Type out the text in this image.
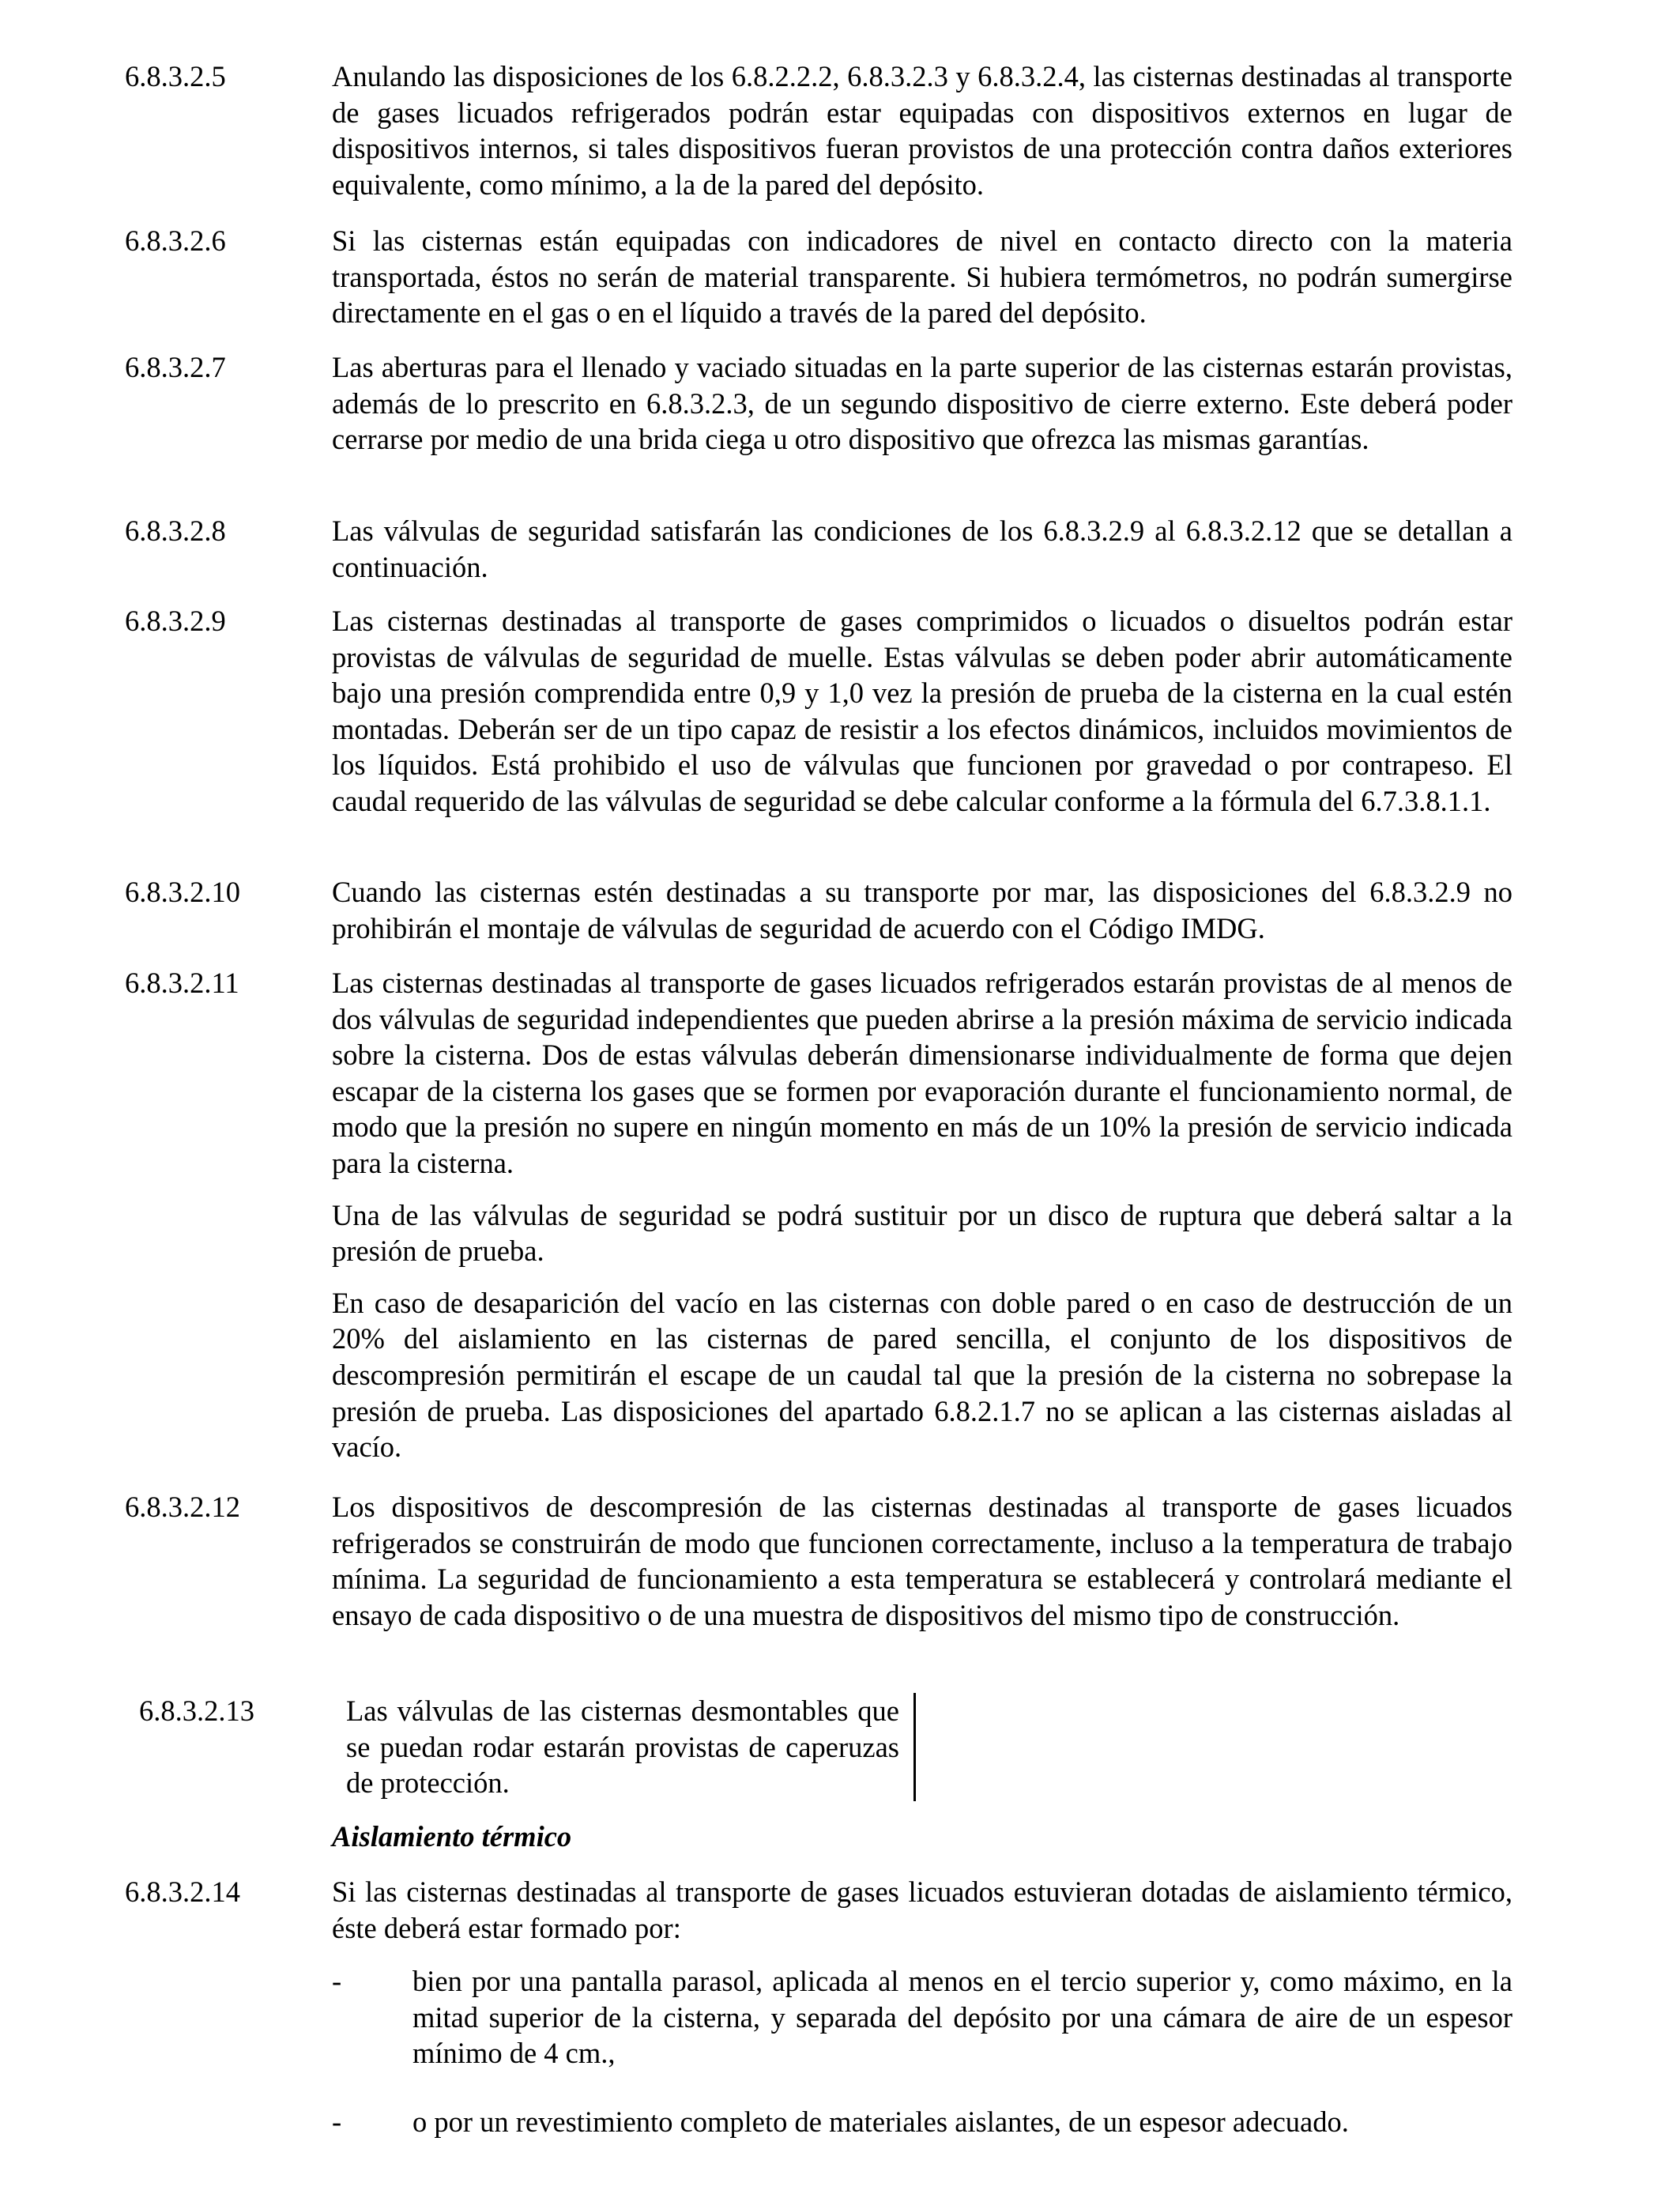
6.8.3.2.5	Anulando las disposiciones de los 6.8.2.2.2, 6.8.3.2.3 y 6.8.3.2.4, las cisternas destinadas al transporte de gases licuados refrigerados podrán estar equipadas con dispositivos externos en lugar de dispositivos internos, si tales dispositivos fueran provistos de una protección contra daños exteriores equivalente, como mínimo, a la de la pared del depósito.
6.8.3.2.6	Si las cisternas están equipadas con indicadores de nivel en contacto directo con la materia transportada, éstos no serán de material transparente. Si hubiera termómetros, no podrán sumergirse directamente en el gas o en el líquido a través de la pared del depósito.
6.8.3.2.7	Las aberturas para el llenado y vaciado situadas en la parte superior de las cisternas estarán provistas, además de lo prescrito en 6.8.3.2.3, de un segundo dispositivo de cierre externo. Este deberá poder cerrarse por medio de una brida ciega u otro dispositivo que ofrezca las mismas garantías.
6.8.3.2.8	Las válvulas de seguridad satisfarán las condiciones de los 6.8.3.2.9 al 6.8.3.2.12 que se detallan a continuación.
6.8.3.2.9	Las cisternas destinadas al transporte de gases comprimidos o licuados o disueltos podrán estar provistas de válvulas de seguridad de muelle. Estas válvulas se deben poder abrir automáticamente bajo una presión comprendida entre 0,9 y 1,0 vez la presión de prueba de la cisterna en la cual estén montadas. Deberán ser de un tipo capaz de resistir a los efectos dinámicos, incluidos movimientos de los líquidos. Está prohibido el uso de válvulas que funcionen por gravedad o por contrapeso. El caudal requerido de las válvulas de seguridad se debe calcular conforme a la fórmula del 6.7.3.8.1.1.
6.8.3.2.10	Cuando las cisternas estén destinadas a su transporte por mar, las disposiciones del 6.8.3.2.9 no prohibirán el montaje de válvulas de seguridad de acuerdo con el Código IMDG.
6.8.3.2.11	Las cisternas destinadas al transporte de gases licuados refrigerados estarán provistas de al menos de dos válvulas de seguridad independientes que pueden abrirse a la presión máxima de servicio indicada sobre la cisterna. Dos de estas válvulas deberán dimensionarse individualmente de forma que dejen escapar de la cisterna los gases que se formen por evaporación durante el funcionamiento normal, de modo que la presión no supere en ningún momento en más de un 10% la presión de servicio indicada para la cisterna.
Una de las válvulas de seguridad se podrá sustituir por un disco de ruptura que deberá saltar a la presión de prueba.
En caso de desaparición del vacío en las cisternas con doble pared o en caso de destrucción de un 20% del aislamiento en las cisternas de pared sencilla, el conjunto de los dispositivos de descompresión permitirán el escape de un caudal tal que la presión de la cisterna no sobrepase la presión de prueba. Las disposiciones del apartado 6.8.2.1.7 no se aplican a las cisternas aisladas al vacío.
6.8.3.2.12	Los dispositivos de descompresión de las cisternas destinadas al transporte de gases licuados refrigerados se construirán de modo que funcionen correctamente, incluso a la temperatura de trabajo mínima. La seguridad de funcionamiento a esta temperatura se establecerá y controlará mediante el ensayo de cada dispositivo o de una muestra de dispositivos del mismo tipo de construcción.
6.8.3.2.13	Las válvulas de las cisternas desmontables que se puedan rodar estarán provistas de caperuzas de protección.
Aislamiento térmico
6.8.3.2.14	Si las cisternas destinadas al transporte de gases licuados estuvieran dotadas de aislamiento térmico, éste deberá estar formado por:
-	bien por una pantalla parasol, aplicada al menos en el tercio superior y, como máximo, en la mitad superior de la cisterna, y separada del depósito por una cámara de aire de un espesor mínimo de 4 cm.,
-	o por un revestimiento completo de materiales aislantes, de un espesor adecuado.
